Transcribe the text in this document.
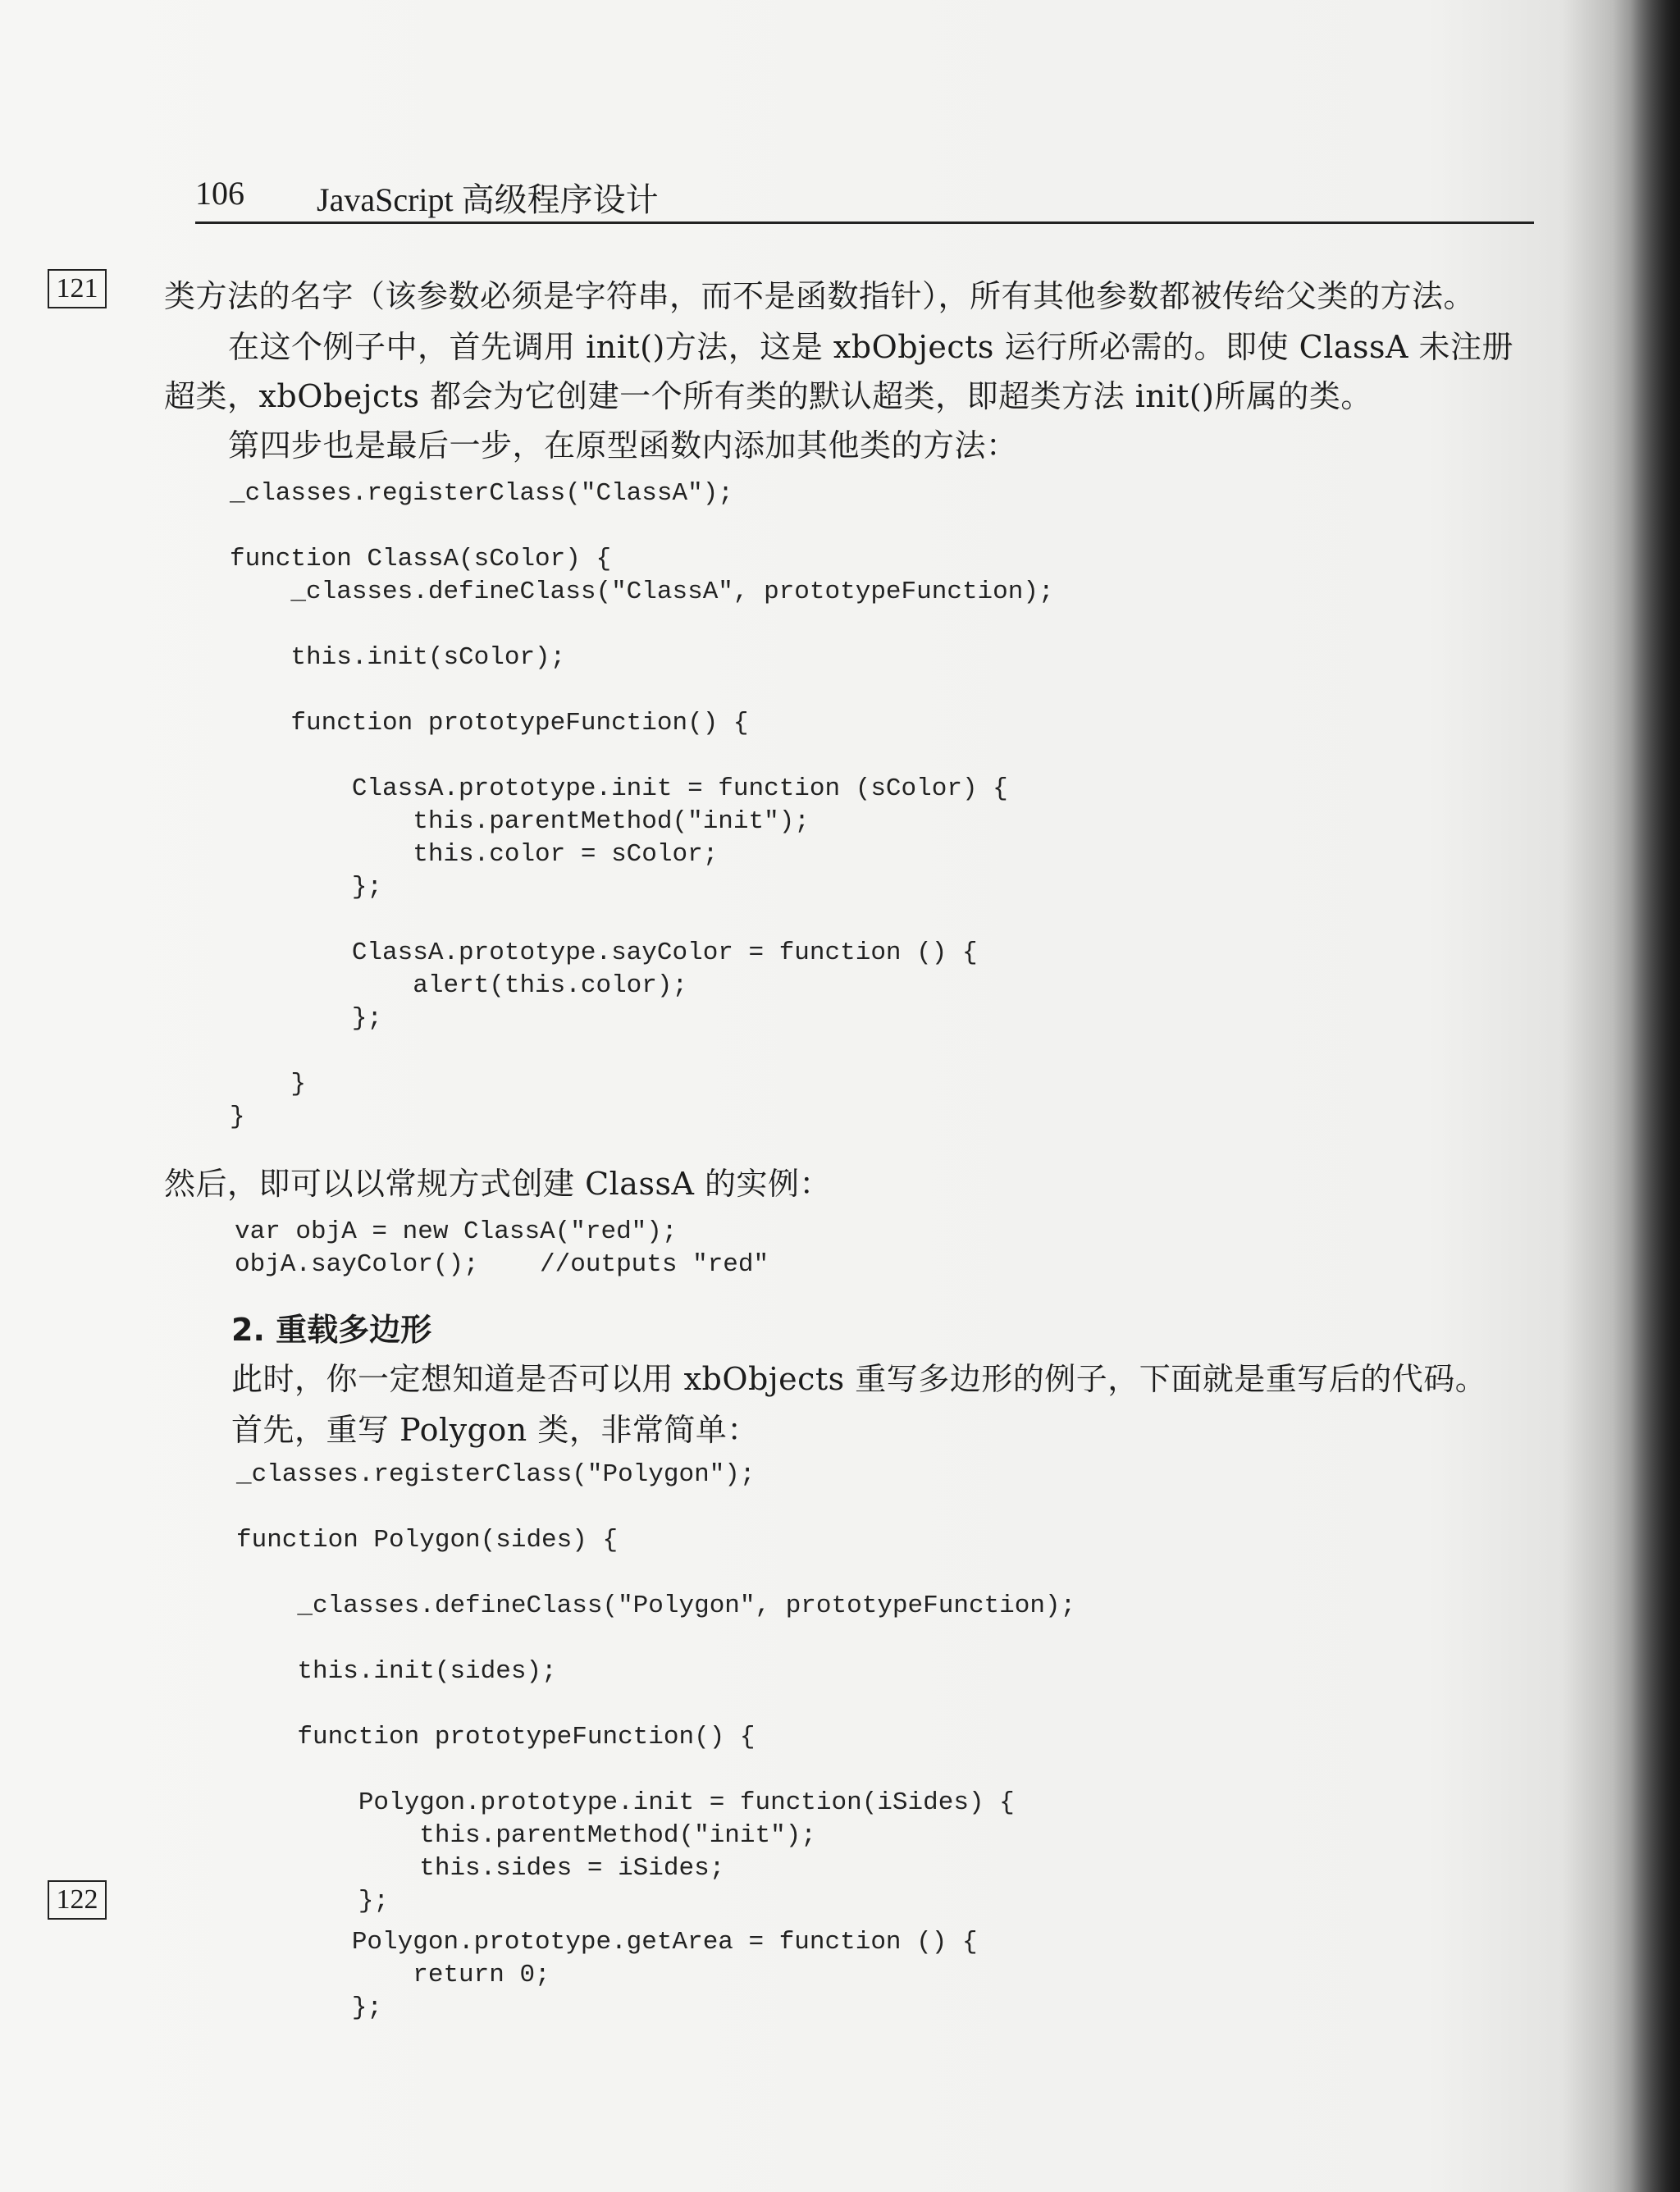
106 JavaScript 高级程序设计
121
122
类方法的名字（该参数必须是字符串，而不是函数指针），所有其他参数都被传给父类的方法。
在这个例子中，首先调用 init()方法，这是 xbObjects 运行所必需的。即使 ClassA 未注册
超类，xbObejcts 都会为它创建一个所有类的默认超类，即超类方法 init()所属的类。
第四步也是最后一步，在原型函数内添加其他类的方法：
_classes.registerClass("ClassA");
function ClassA(sColor) {
_classes.defineClass("ClassA", prototypeFunction);
this.init(sColor);
function prototypeFunction() {
ClassA.prototype.init = function (sColor) {
this.parentMethod("init");
this.color = sColor;
};
ClassA.prototype.sayColor = function () {
alert(this.color);
};
}
}
然后，即可以以常规方式创建 ClassA 的实例：
var objA = new ClassA("red");
objA.sayColor();    //outputs "red"
2. 重载多边形
此时，你一定想知道是否可以用 xbObjects 重写多边形的例子，下面就是重写后的代码。
首先，重写 Polygon 类，非常简单：
_classes.registerClass("Polygon");
function Polygon(sides) {
_classes.defineClass("Polygon", prototypeFunction);
this.init(sides);
function prototypeFunction() {
Polygon.prototype.init = function(iSides) {
this.parentMethod("init");
this.sides = iSides;
};
Polygon.prototype.getArea = function () {
return 0;
};
